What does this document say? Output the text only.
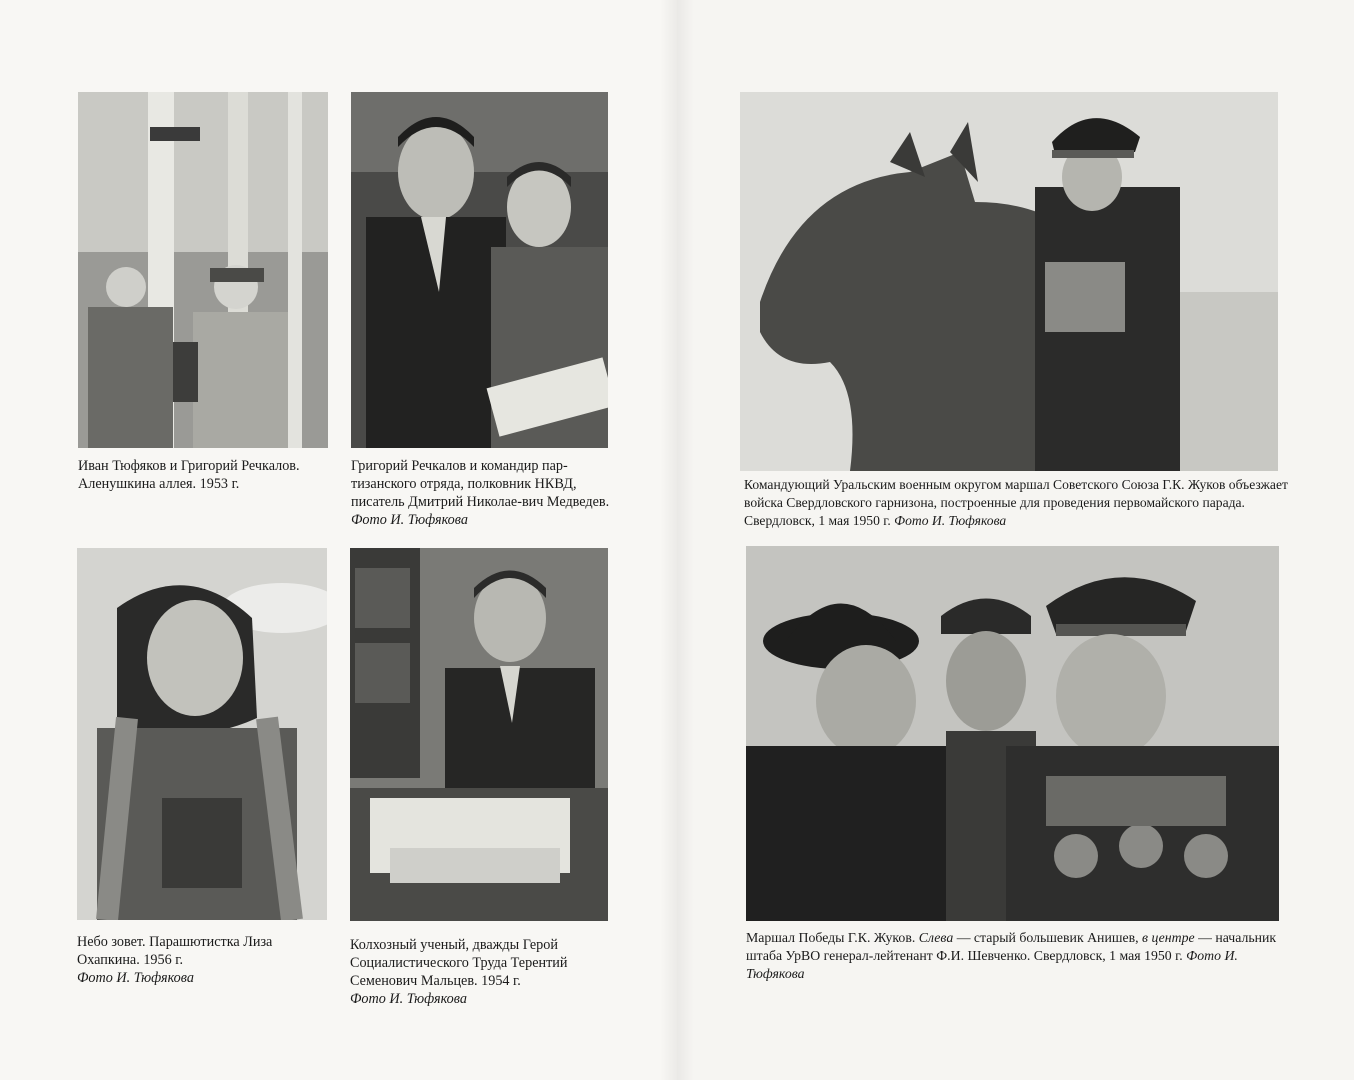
Иван Тюфяков и Григорий Речкалов. Аленушкина аллея. 1953 г.
Григорий Речкалов и командир пар-тизанского отряда, полковник НКВД, писатель Дмитрий Николае-вич Медведев. Фото И. Тюфякова
Командующий Уральским военным округом маршал Советского Союза Г.К. Жуков объезжает войска Свердловского гарнизона, построенные для проведения первомайского парада. Свердловск, 1 мая 1950 г. Фото И. Тюфякова
Небо зовет. Парашютистка Лиза Охапкина. 1956 г.
Фото И. Тюфякова
Колхозный ученый, дважды Герой Социалистического Труда Терентий Семенович Мальцев. 1954 г.
Фото И. Тюфякова
Маршал Победы Г.К. Жуков. Слева — старый большевик Анишев, в центре — начальник штаба УрВО генерал-лейтенант Ф.И. Шевченко. Свердловск, 1 мая 1950 г. Фото И. Тюфякова
